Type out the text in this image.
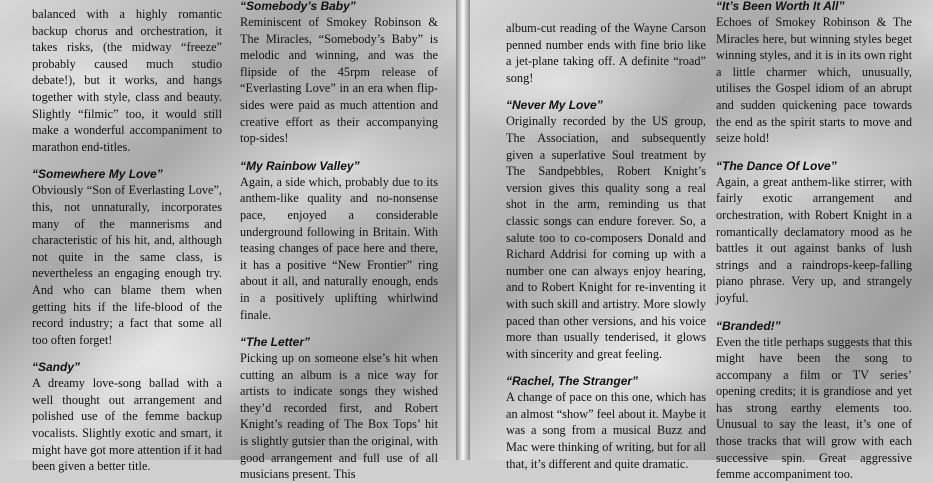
balanced with a highly romantic backup chorus and orchestration, it takes risks, (the midway “freeze” probably caused much studio debate!), but it works, and hangs together with style, class and beauty. Slightly “filmic” too, it would still make a wonderful accompaniment to marathon end-titles.

“Somewhere My Love”

Obviously “Son of Everlasting Love”, this, not unnaturally, incorporates many of the mannerisms and characteristic of his hit, and, although not quite in the same class, is nevertheless an engaging enough try. And who can blame them when getting hits if the life-blood of the record industry; a fact that some all too often forget!

“Sandy”

A dreamy love-song ballad with a well thought out arrangement and polished use of the femme backup vocalists. Slightly exotic and smart, it might have got more attention if it had been given a better title.

“Somebody’s Baby”

Reminiscent of Smokey Robinson & The Miracles, “Somebody’s Baby” is melodic and winning, and was the flipside of the 45rpm release of “Everlasting Love” in an era when flip-sides were paid as much attention and creative effort as their accompanying top-sides!

“My Rainbow Valley”

Again, a side which, probably due to its anthem-like quality and no-nonsense pace, enjoyed a considerable underground following in Britain. With teasing changes of pace here and there, it has a positive “New Frontier” ring about it all, and naturally enough, ends in a positively uplifting whirlwind finale.

“The Letter”

Picking up on someone else’s hit when cutting an album is a nice way for artists to indicate songs they wished they’d recorded first, and Robert Knight’s reading of The Box Tops’ hit is slightly gutsier than the original, with good arrangement and full use of all musicians present. This

album-cut reading of the Wayne Carson penned number ends with fine brio like a jet-plane taking off. A definite “road” song!

“Never My Love”

Originally recorded by the US group, The Association, and subsequently given a superlative Soul treatment by The Sandpebbles, Robert Knight’s version gives this quality song a real shot in the arm, reminding us that classic songs can endure forever. So, a salute too to co-composers Donald and Richard Addrisi for coming up with a number one can always enjoy hearing, and to Robert Knight for re-inventing it with such skill and artistry. More slowly paced than other versions, and his voice more than usually tenderised, it glows with sincerity and great feeling.

“Rachel, The Stranger”

A change of pace on this one, which has an almost “show” feel about it. Maybe it was a song from a musical Buzz and Mac were thinking of writing, but for all that, it’s different and quite dramatic.

“It’s Been Worth It All”

Echoes of Smokey Robinson & The Miracles here, but winning styles beget winning styles, and it is in its own right a little charmer which, unusually, utilises the Gospel idiom of an abrupt and sudden quickening pace towards the end as the spirit starts to move and seize hold!

“The Dance Of Love”

Again, a great anthem-like stirrer, with fairly exotic arrangement and orchestration, with Robert Knight in a romantically declamatory mood as he battles it out against banks of lush strings and a raindrops-keep-falling piano phrase. Very up, and strangely joyful.

“Branded!”

Even the title perhaps suggests that this might have been the song to accompany a film or TV series’ opening credits; it is grandiose and yet has strong earthy elements too. Unusual to say the least, it’s one of those tracks that will grow with each successive spin. Great aggressive femme accompaniment too.
